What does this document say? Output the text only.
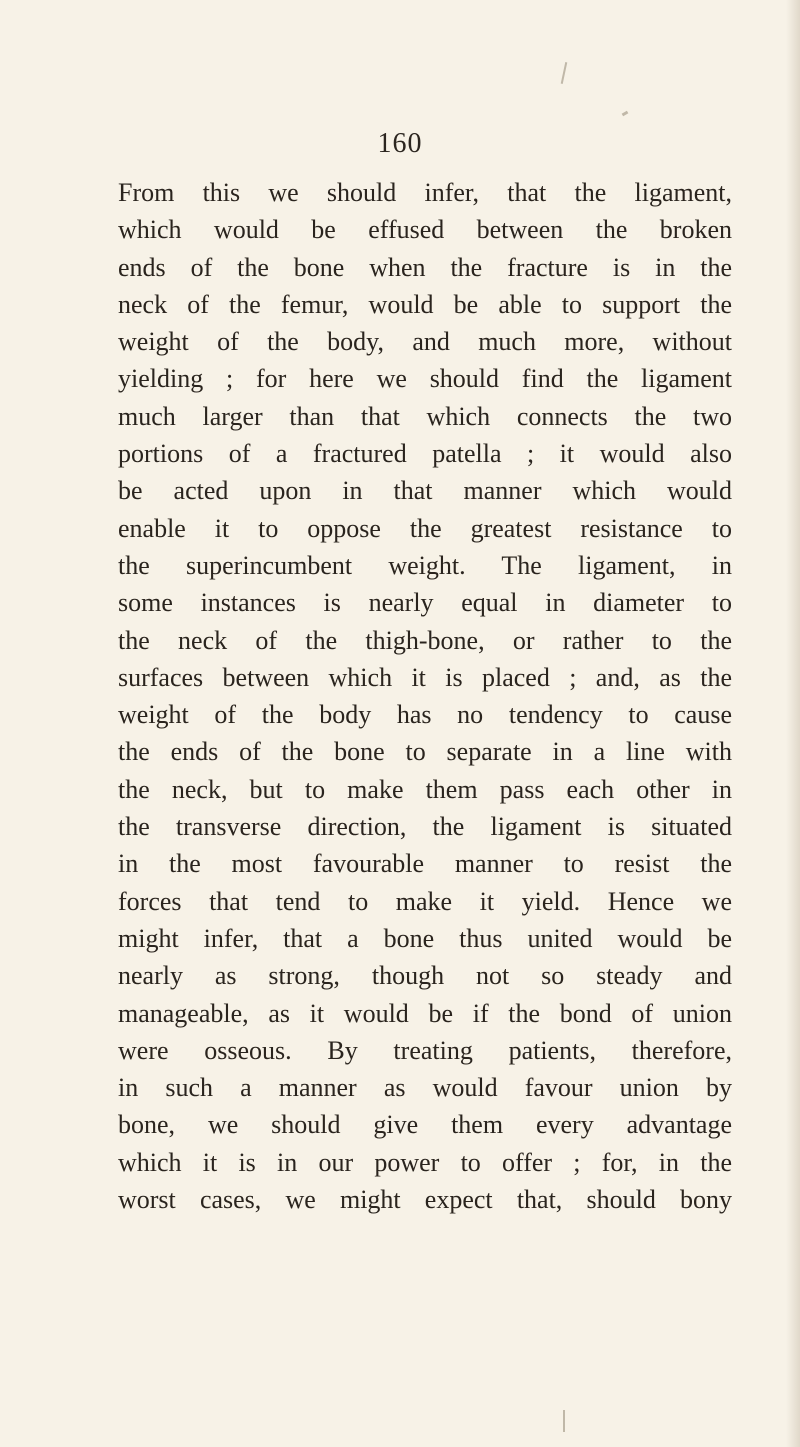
160
From this we should infer, that the ligament,
which would be effused between the broken
ends of the bone when the fracture is in the
neck of the femur, would be able to support the
weight of the body, and much more, without
yielding ; for here we should find the ligament
much larger than that which connects the two
portions of a fractured patella ; it would also
be acted upon in that manner which would
enable it to oppose the greatest resistance to
the superincumbent weight. The ligament, in
some instances is nearly equal in diameter to
the neck of the thigh-bone, or rather to the
surfaces between which it is placed ; and, as the
weight of the body has no tendency to cause
the ends of the bone to separate in a line with
the neck, but to make them pass each other in
the transverse direction, the ligament is situated
in the most favourable manner to resist the
forces that tend to make it yield. Hence we
might infer, that a bone thus united would be
nearly as strong, though not so steady and
manageable, as it would be if the bond of union
were osseous. By treating patients, therefore,
in such a manner as would favour union by
bone, we should give them every advantage
which it is in our power to offer ; for, in the
worst cases, we might expect that, should bony
